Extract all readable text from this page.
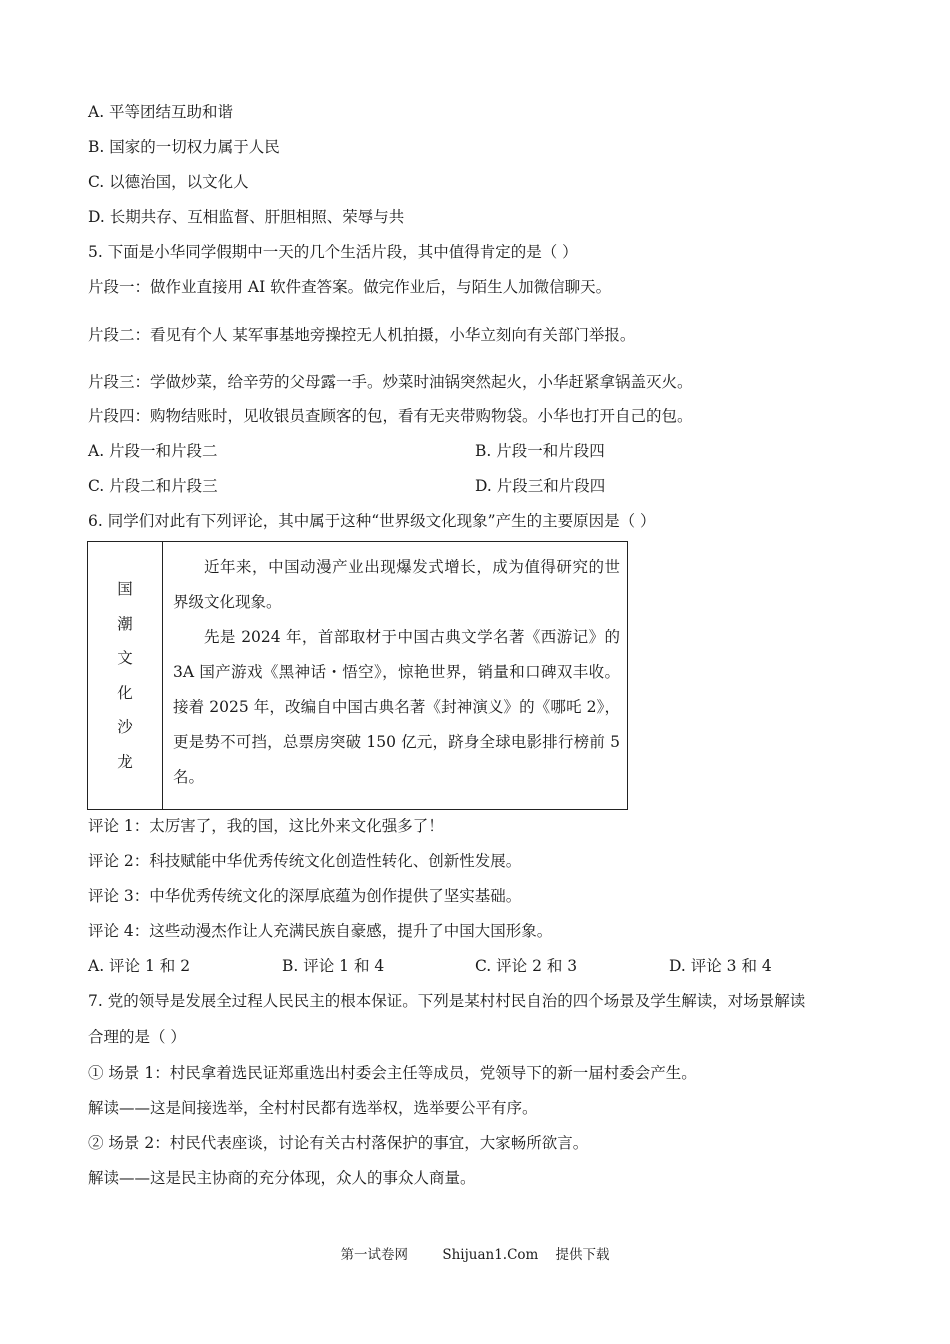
A. 平等团结互助和谐
B. 国家的一切权力属于人民
C. 以德治国，以文化人
D. 长期共存、互相监督、肝胆相照、荣辱与共
5. 下面是小华同学假期中一天的几个生活片段，其中值得肯定的是（ ）
片段一：做作业直接用 AI 软件查答案。做完作业后，与陌生人加微信聊天。
片段二：看见有个人 某军事基地旁操控无人机拍摄，小华立刻向有关部门举报。
片段三：学做炒菜，给辛劳的父母露一手。炒菜时油锅突然起火，小华赶紧拿锅盖灭火。
片段四：购物结账时，见收银员查顾客的包，看有无夹带购物袋。小华也打开自己的包。
A. 片段一和片段二	B. 片段一和片段四
C. 片段二和片段三	D. 片段三和片段四
6. 同学们对此有下列评论，其中属于这种“世界级文化现象”产生的主要原因是（ ）
国
潮
文
化
沙
龙

近年来，中国动漫产业出现爆发式增长，成为值得研究的世界级文化现象。

先是 2024 年，首部取材于中国古典文学名著《西游记》的 3A 国产游戏《黑神话・悟空》，惊艳世界，销量和口碑双丰收。接着 2025 年，改编自中国古典名著《封神演义》的《哪吒 2》，更是势不可挡，总票房突破 150 亿元，跻身全球电影排行榜前 5 名。

评论 1：太厉害了，我的国，这比外来文化强多了！
评论 2：科技赋能中华优秀传统文化创造性转化、创新性发展。
评论 3：中华优秀传统文化的深厚底蕴为创作提供了坚实基础。
评论 4：这些动漫杰作让人充满民族自豪感，提升了中国大国形象。
A. 评论 1 和 2	B. 评论 1 和 4	C. 评论 2 和 3	D. 评论 3 和 4
7. 党的领导是发展全过程人民民主的根本保证。下列是某村村民自治的四个场景及学生解读，对场景解读
合理的是（ ）
① 场景 1：村民拿着选民证郑重选出村委会主任等成员，党领导下的新一届村委会产生。
解读——这是间接选举，全村村民都有选举权，选举要公平有序。
② 场景 2：村民代表座谈，讨论有关古村落保护的事宜，大家畅所欲言。
解读——这是民主协商的充分体现，众人的事众人商量。
第一试卷网        Shijuan1.Com    提供下载
